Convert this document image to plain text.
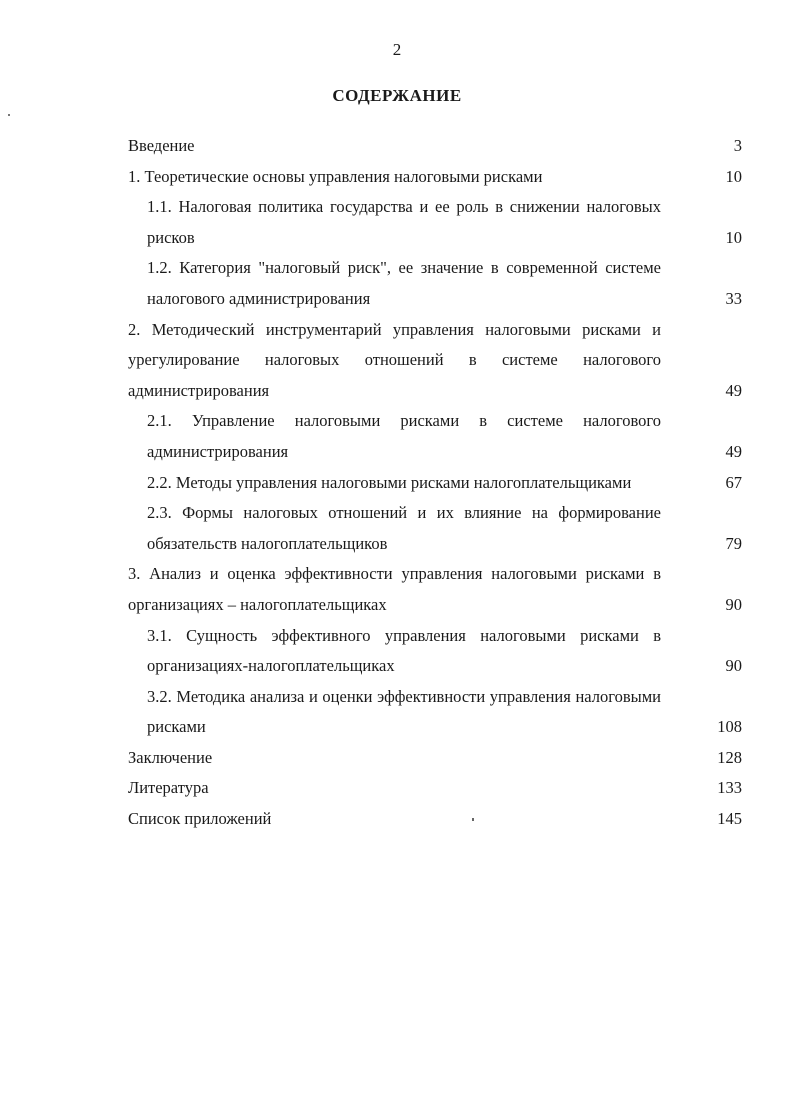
2
СОДЕРЖАНИЕ
Введение	3
1. Теоретические основы управления налоговыми рисками	10
1.1. Налоговая политика государства и ее роль в снижении налоговых рисков	10
1.2. Категория "налоговый риск", ее значение в современной системе налогового администрирования	33
2. Методический инструментарий управления налоговыми рисками и урегулирование налоговых отношений в системе налогового администрирования	49
2.1. Управление налоговыми рисками в системе налогового администрирования	49
2.2. Методы управления налоговыми рисками налогоплательщиками	67
2.3. Формы налоговых отношений и их влияние на формирование обязательств налогоплательщиков	79
3. Анализ и оценка эффективности управления налоговыми рисками в организациях – налогоплательщиках	90
3.1. Сущность эффективного управления налоговыми рисками в организациях-налогоплательщиках	90
3.2. Методика анализа и оценки эффективности управления налоговыми рисками	108
Заключение	128
Литература	133
Список приложений	145
